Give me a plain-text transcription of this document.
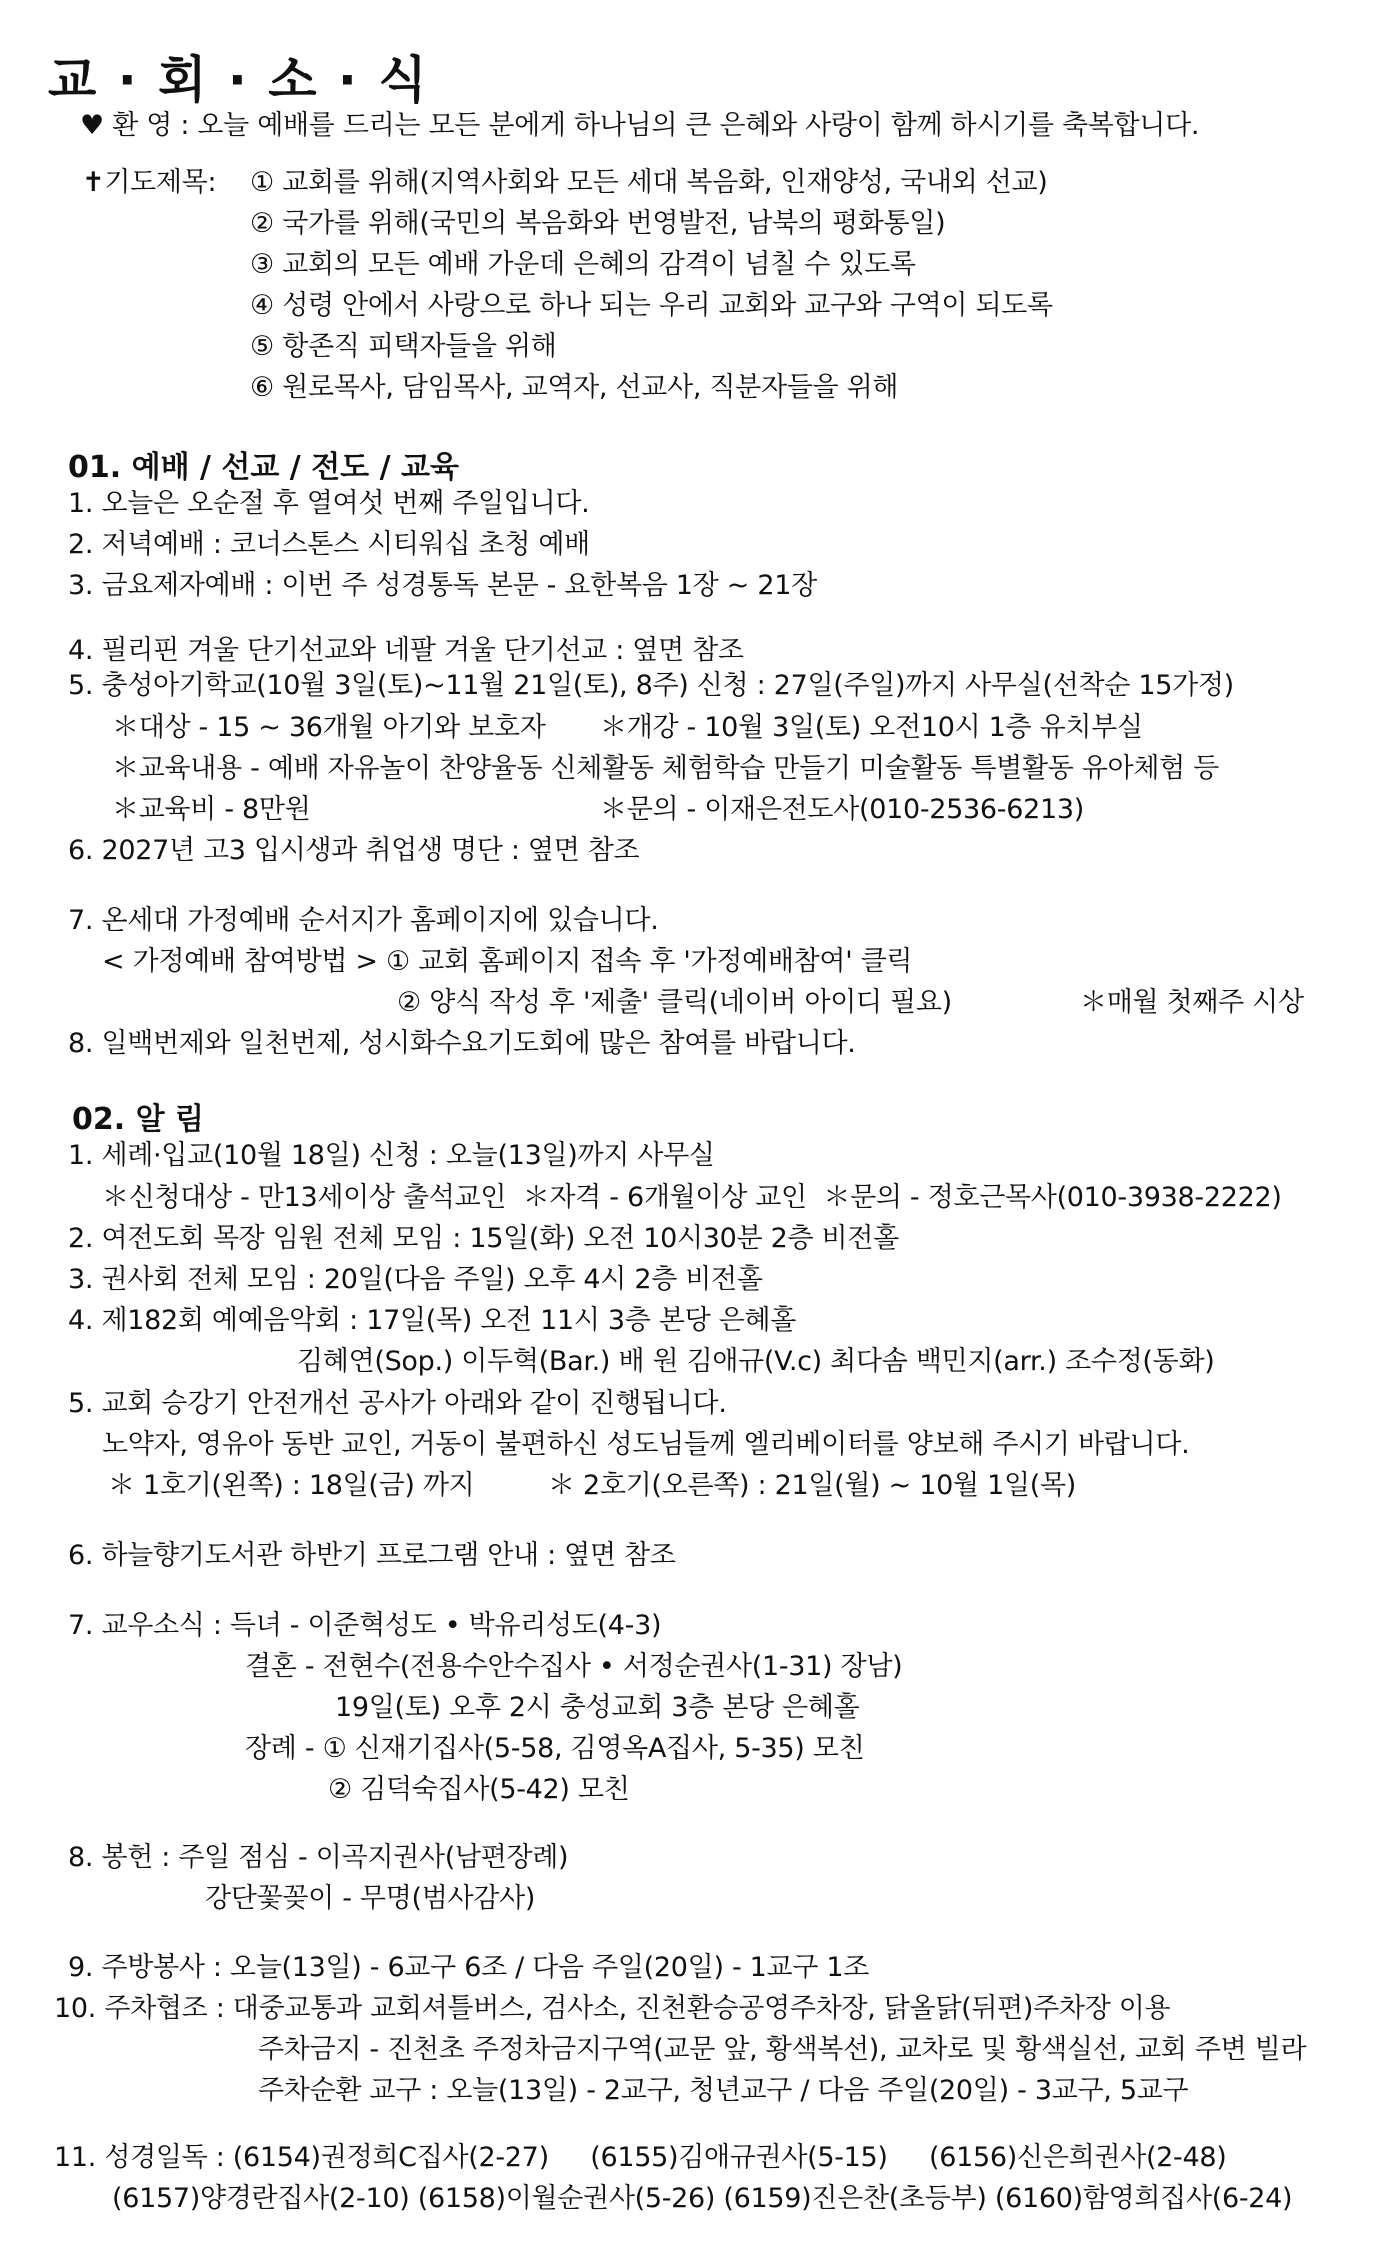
교 · 회 · 소 · 식
♥ 환 영 : 오늘 예배를 드리는 모든 분에게 하나님의 큰 은혜와 사랑이 함께 하시기를 축복합니다.
✝기도제목: ① 교회를 위해(지역사회와 모든 세대 복음화, 인재양성, 국내외 선교)
② 국가를 위해(국민의 복음화와 번영발전, 남북의 평화통일)
③ 교회의 모든 예배 가운데 은혜의 감격이 넘칠 수 있도록
④ 성령 안에서 사랑으로 하나 되는 우리 교회와 교구와 구역이 되도록
⑤ 항존직 피택자들을 위해
⑥ 원로목사, 담임목사, 교역자, 선교사, 직분자들을 위해
01. 예배 / 선교 / 전도 / 교육
1. 오늘은 오순절 후 열여섯 번째 주일입니다.
2. 저녁예배 : 코너스톤스 시티워십 초청 예배
3. 금요제자예배 : 이번 주 성경통독 본문 - 요한복음 1장 ~ 21장
4. 필리핀 겨울 단기선교와 네팔 겨울 단기선교 : 옆면 참조
5. 충성아기학교(10월 3일(토)~11월 21일(토), 8주) 신청 : 27일(주일)까지 사무실(선착순 15가정)
＊대상 - 15 ~ 36개월 아기와 보호자 ＊개강 - 10월 3일(토) 오전10시 1층 유치부실
＊교육내용 - 예배 자유놀이 찬양율동 신체활동 체험학습 만들기 미술활동 특별활동 유아체험 등
＊교육비 - 8만원	＊문의 - 이재은전도사(010-2536-6213)
6. 2027년 고3 입시생과 취업생 명단 : 옆면 참조
7. 온세대 가정예배 순서지가 홈페이지에 있습니다.
< 가정예배 참여방법 > ① 교회 홈페이지 접속 후 '가정예배참여' 클릭
② 양식 작성 후 '제출' 클릭(네이버 아이디 필요)	＊매월 첫째주 시상
8. 일백번제와 일천번제, 성시화수요기도회에 많은 참여를 바랍니다.
02. 알 림
1. 세례·입교(10월 18일) 신청 : 오늘(13일)까지 사무실
＊신청대상 - 만13세이상 출석교인  ＊자격 - 6개월이상 교인  ＊문의 - 정호근목사(010-3938-2222)
2. 여전도회 목장 임원 전체 모임 : 15일(화) 오전 10시30분 2층 비전홀
3. 권사회 전체 모임 : 20일(다음 주일) 오후 4시 2층 비전홀
4. 제182회 예예음악회 : 17일(목) 오전 11시 3층 본당 은혜홀
김혜연(Sop.) 이두혁(Bar.) 배 원 김애규(V.c) 최다솜 백민지(arr.) 조수정(동화)
5. 교회 승강기 안전개선 공사가 아래와 같이 진행됩니다.
노약자, 영유아 동반 교인, 거동이 불편하신 성도님들께 엘리베이터를 양보해 주시기 바랍니다.
＊ 1호기(왼쪽) : 18일(금) 까지	＊ 2호기(오른쪽) : 21일(월) ~ 10월 1일(목)
6. 하늘향기도서관 하반기 프로그램 안내 : 옆면 참조
7. 교우소식 : 득녀 - 이준혁성도 • 박유리성도(4-3)
결혼 - 전현수(전용수안수집사 • 서정순권사(1-31) 장남)
19일(토) 오후 2시 충성교회 3층 본당 은혜홀
장례 - ① 신재기집사(5-58, 김영옥A집사, 5-35) 모친
② 김덕숙집사(5-42) 모친
8. 봉헌 : 주일 점심 - 이곡지권사(남편장례)
강단꽃꽂이 - 무명(범사감사)
9. 주방봉사 : 오늘(13일) - 6교구 6조 / 다음 주일(20일) - 1교구 1조
10. 주차협조 : 대중교통과 교회셔틀버스, 검사소, 진천환승공영주차장, 닭올닭(뒤편)주차장 이용
주차금지 - 진천초 주정차금지구역(교문 앞, 황색복선), 교차로 및 황색실선, 교회 주변 빌라
주차순환 교구 : 오늘(13일) - 2교구, 청년교구 / 다음 주일(20일) - 3교구, 5교구
11. 성경일독 : (6154)권정희C집사(2-27)     (6155)김애규권사(5-15)     (6156)신은희권사(2-48)
(6157)양경란집사(2-10) (6158)이월순권사(5-26) (6159)진은찬(초등부) (6160)함영희집사(6-24)
